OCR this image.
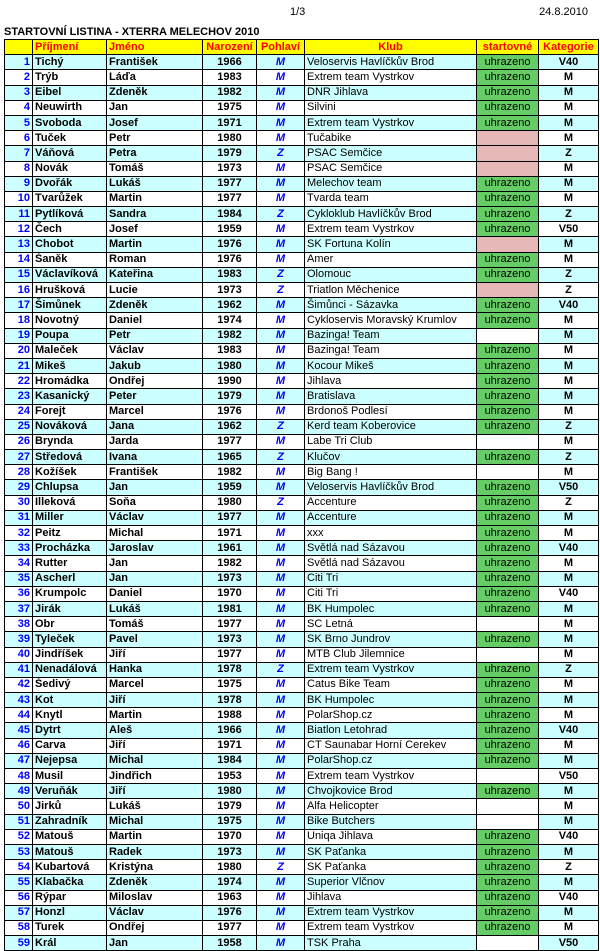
1/3	24.8.2010
STARTOVNÍ LISTINA - XTERRA MELECHOV 2010
	Příjmení	Jméno	Narození	Pohlaví	Klub	startovné	Kategorie
1	Tichý	František	1966	M	Veloservis Havlíčkův Brod	uhrazeno	V40
2	Trýb	Láďa	1983	M	Extrem team Vystrkov	uhrazeno	M
3	Eibel	Zdeněk	1982	M	DNR Jihlava	uhrazeno	M
4	Neuwirth	Jan	1975	M	Silvini	uhrazeno	M
5	Svoboda	Josef	1971	M	Extrem team Vystrkov	uhrazeno	M
6	Tuček	Petr	1980	M	Tučabike		M
7	Váňová	Petra	1979	Z	PSAC Semčice		Z
8	Novák	Tomáš	1973	M	PSAC Semčice		M
9	Dvořák	Lukáš	1977	M	Melechov team	uhrazeno	M
10	Tvarůžek	Martin	1977	M	Tvarda team	uhrazeno	M
11	Pytlíková	Sandra	1984	Z	Cykloklub Havlíčkův Brod	uhrazeno	Z
12	Čech	Josef	1959	M	Extrem team Vystrkov	uhrazeno	V50
13	Chobot	Martin	1976	M	SK Fortuna Kolín		M
14	Šaněk	Roman	1976	M	Amer	uhrazeno	M
15	Václavíková	Kateřina	1983	Z	Olomouc	uhrazeno	Z
16	Hrušková	Lucie	1973	Z	Triatlon Měchenice		Z
17	Šimůnek	Zdeněk	1962	M	Šimůnci - Sázavka	uhrazeno	V40
18	Novotný	Daniel	1974	M	Cykloservis Moravský Krumlov	uhrazeno	M
19	Poupa	Petr	1982	M	Bazinga! Team		M
20	Maleček	Václav	1983	M	Bazinga! Team	uhrazeno	M
21	Mikeš	Jakub	1980	M	Kocour Mikeš	uhrazeno	M
22	Hromádka	Ondřej	1990	M	Jihlava	uhrazeno	M
23	Kasanický	Peter	1979	M	Bratislava	uhrazeno	M
24	Forejt	Marcel	1976	M	Brdonoš Podlesí	uhrazeno	M
25	Nováková	Jana	1962	Z	Kerd team Koberovice	uhrazeno	Z
26	Brynda	Jarda	1977	M	Labe Tri Club		M
27	Středová	Ivana	1965	Z	Klučov	uhrazeno	Z
28	Kožíšek	František	1982	M	Big Bang !		M
29	Chlupsa	Jan	1959	M	Veloservis Havlíčkův Brod	uhrazeno	V50
30	Illeková	Soňa	1980	Z	Accenture	uhrazeno	Z
31	Miller	Václav	1977	M	Accenture	uhrazeno	M
32	Peitz	Michal	1971	M	xxx	uhrazeno	M
33	Procházka	Jaroslav	1961	M	Světlá nad Sázavou	uhrazeno	V40
34	Rutter	Jan	1982	M	Světlá nad Sázavou	uhrazeno	M
35	Ascherl	Jan	1973	M	Citi Tri	uhrazeno	M
36	Krumpolc	Daniel	1970	M	Citi Tri	uhrazeno	V40
37	Jirák	Lukáš	1981	M	BK Humpolec	uhrazeno	M
38	Obr	Tomáš	1977	M	SC Letná		M
39	Tyleček	Pavel	1973	M	SK Brno Jundrov	uhrazeno	M
40	Jindříšek	Jiří	1977	M	MTB Club Jilemnice		M
41	Nenadálová	Hanka	1978	Z	Extrem team Vystrkov	uhrazeno	Z
42	Šedivý	Marcel	1975	M	Catus Bike Team	uhrazeno	M
43	Kot	Jiří	1978	M	BK Humpolec	uhrazeno	M
44	Knytl	Martin	1988	M	PolarShop.cz	uhrazeno	M
45	Dytrt	Aleš	1966	M	Biatlon Letohrad	uhrazeno	V40
46	Carva	Jiří	1971	M	CT Saunabar Horní Cerekev	uhrazeno	M
47	Nejepsa	Michal	1984	M	PolarShop.cz	uhrazeno	M
48	Musil	Jindřich	1953	M	Extrem team Vystrkov		V50
49	Veruňák	Jiří	1980	M	Chvojkovice Brod	uhrazeno	M
50	Jirků	Lukáš	1979	M	Alfa Helicopter		M
51	Zahradník	Michal	1975	M	Bike Butchers		M
52	Matouš	Martin	1970	M	Uniqa Jihlava	uhrazeno	V40
53	Matouš	Radek	1973	M	SK Paťanka	uhrazeno	M
54	Kubartová	Kristýna	1980	Z	SK Paťanka	uhrazeno	Z
55	Klabačka	Zdeněk	1974	M	Superior Vlčnov	uhrazeno	M
56	Rýpar	Miloslav	1963	M	Jihlava	uhrazeno	V40
57	Honzl	Václav	1976	M	Extrem team Vystrkov	uhrazeno	M
58	Turek	Ondřej	1977	M	Extrem team Vystrkov	uhrazeno	M
59	Král	Jan	1958	M	TSK Praha		V50
